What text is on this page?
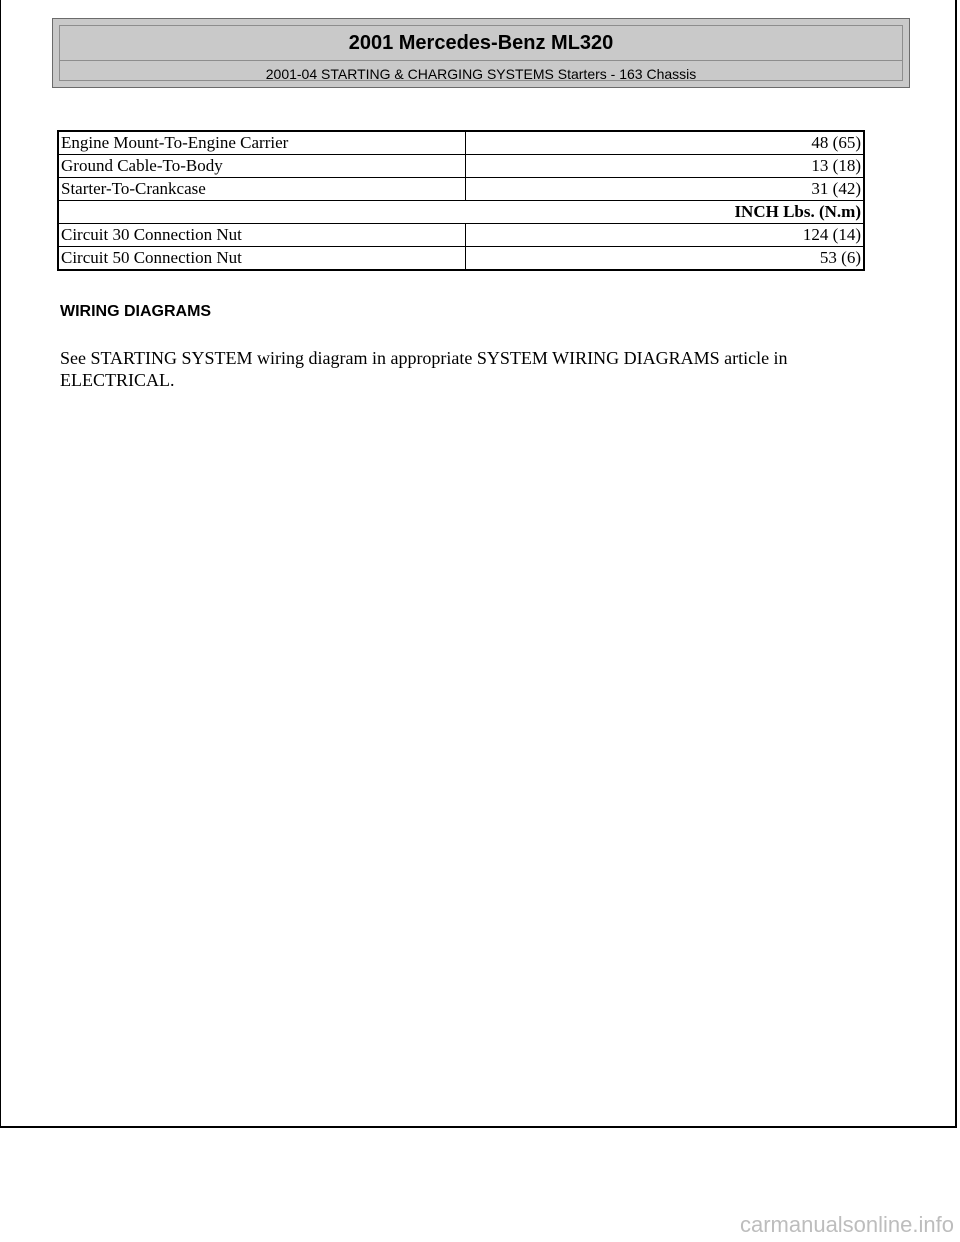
2001 Mercedes-Benz ML320
2001-04 STARTING & CHARGING SYSTEMS Starters - 163 Chassis
Engine Mount-To-Engine Carrier	48 (65)
Ground Cable-To-Body	13 (18)
Starter-To-Crankcase	31 (42)
INCH Lbs. (N.m)	
Circuit 30 Connection Nut	124 (14)
Circuit 50 Connection Nut	53 (6)
WIRING DIAGRAMS
See STARTING SYSTEM wiring diagram in appropriate SYSTEM WIRING DIAGRAMS article in ELECTRICAL.
carmanualsonline.info
